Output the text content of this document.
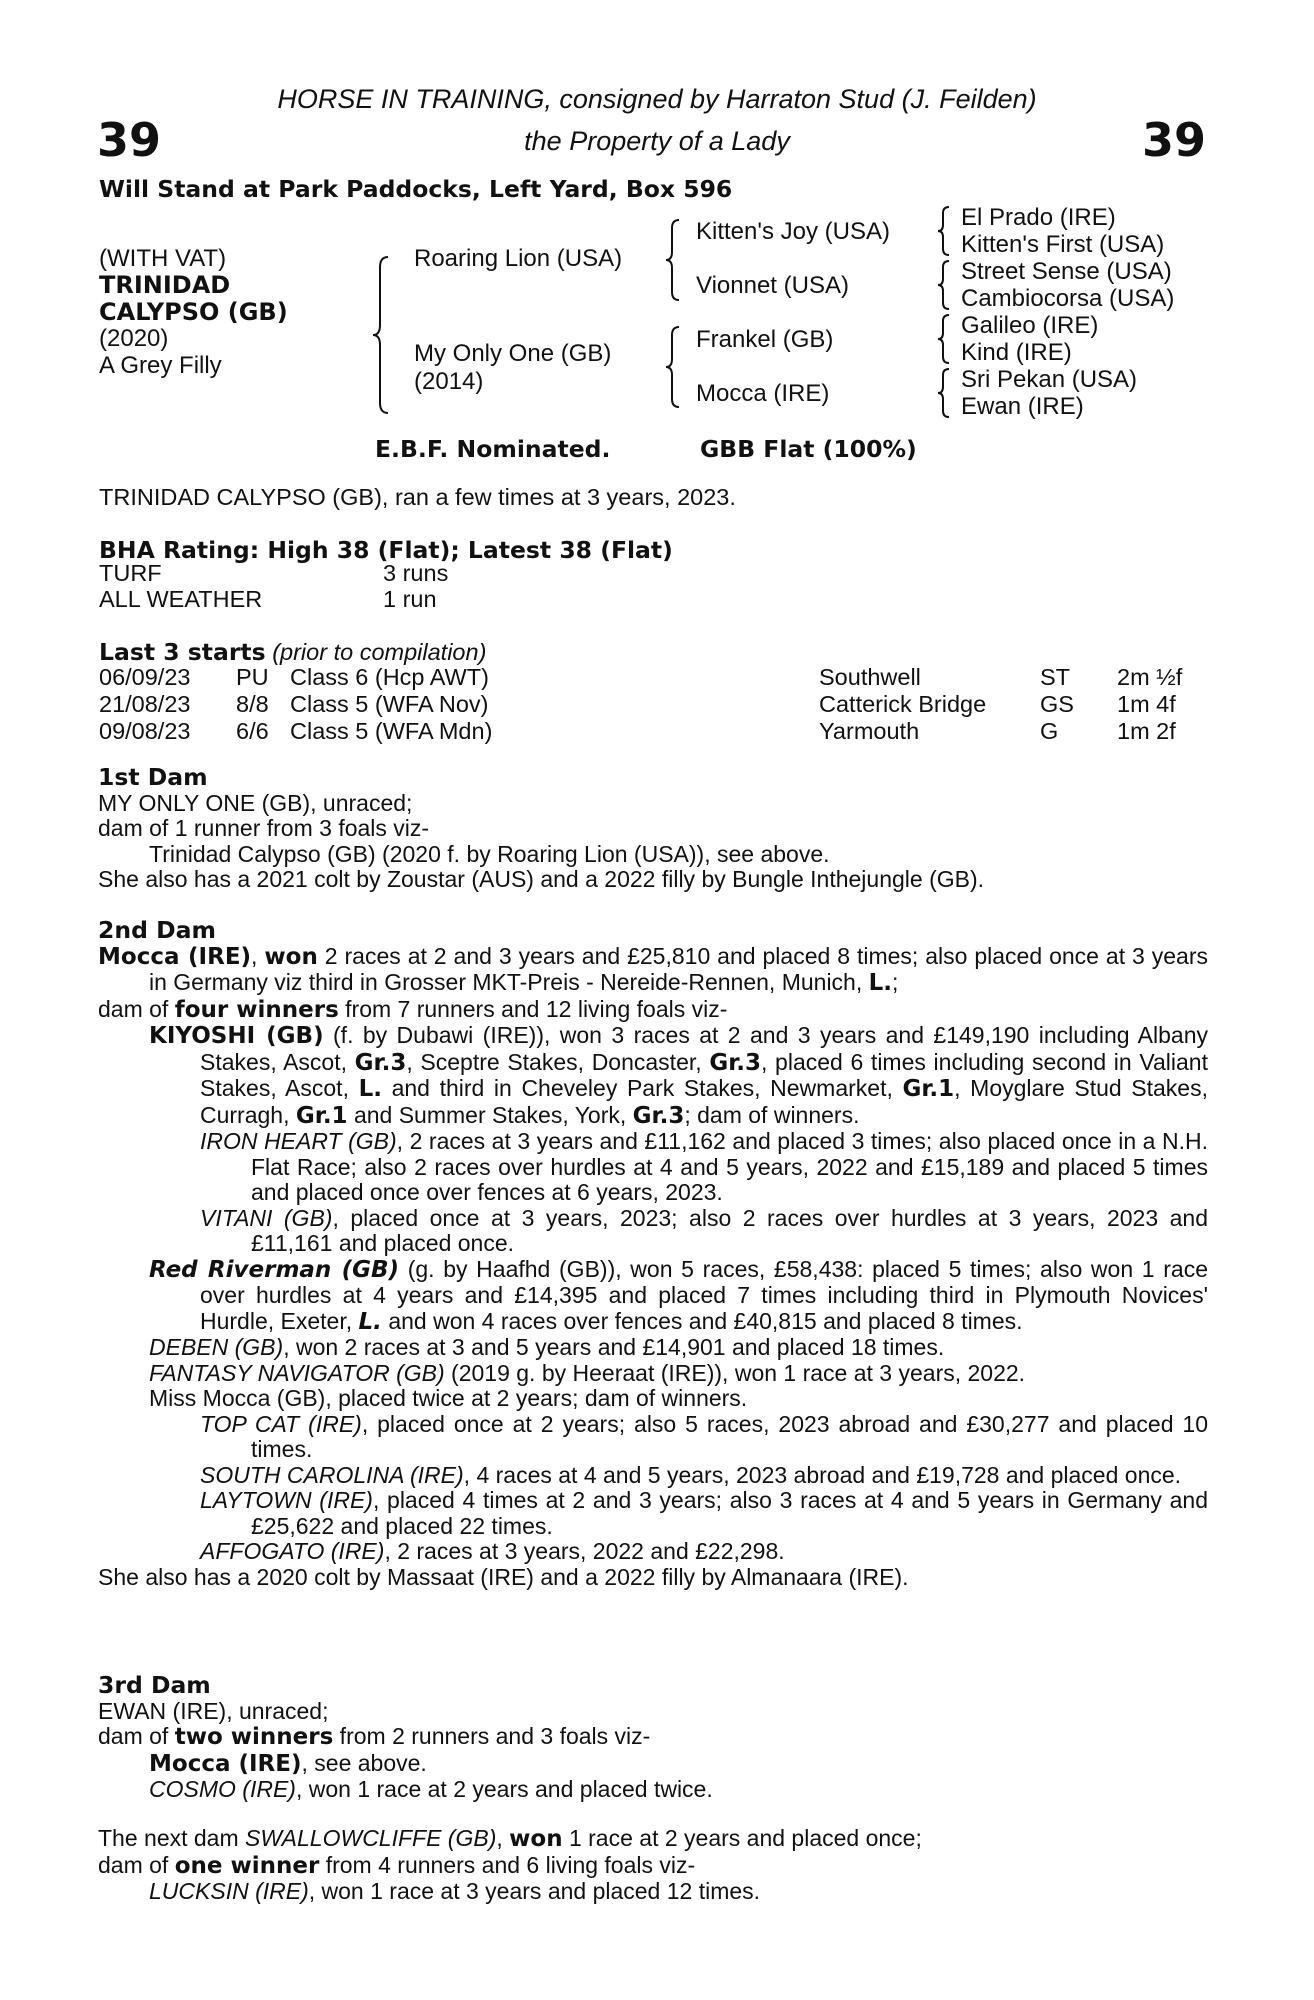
HORSE IN TRAINING, consigned by Harraton Stud (J. Feilden)
the Property of a Lady
39	39
Will Stand at Park Paddocks, Left Yard, Box 596
(WITH VAT)
TRINIDAD
CALYPSO (GB)
(2020)
A Grey Filly
Roaring Lion (USA)
My Only One (GB)
(2014)
Kitten's Joy (USA)
Vionnet (USA)
Frankel (GB)
Mocca (IRE)
El Prado (IRE)
Kitten's First (USA)
Street Sense (USA)
Cambiocorsa (USA)
Galileo (IRE)
Kind (IRE)
Sri Pekan (USA)
Ewan (IRE)
E.B.F. Nominated.	GBB Flat (100%)
TRINIDAD CALYPSO (GB), ran a few times at 3 years, 2023.
BHA Rating: High 38 (Flat); Latest 38 (Flat)
TURF	3 runs
ALL WEATHER	1 run
Last 3 starts (prior to compilation)
06/09/23	PU	Class 6 (Hcp AWT)	Southwell	ST	2m ½f
21/08/23	8/8	Class 5 (WFA Nov)	Catterick Bridge	GS	1m 4f
09/08/23	6/6	Class 5 (WFA Mdn)	Yarmouth	G	1m 2f
1st Dam
MY ONLY ONE (GB), unraced;
dam of 1 runner from 3 foals viz-
Trinidad Calypso (GB) (2020 f. by Roaring Lion (USA)), see above.
She also has a 2021 colt by Zoustar (AUS) and a 2022 filly by Bungle Inthejungle (GB).
2nd Dam
Mocca (IRE), won 2 races at 2 and 3 years and £25,810 and placed 8 times; also placed once at 3 years in Germany viz third in Grosser MKT-Preis - Nereide-Rennen, Munich, L.;
dam of four winners from 7 runners and 12 living foals viz-
KIYOSHI (GB) (f. by Dubawi (IRE)), won 3 races at 2 and 3 years and £149,190 including Albany Stakes, Ascot, Gr.3, Sceptre Stakes, Doncaster, Gr.3, placed 6 times including second in Valiant Stakes, Ascot, L. and third in Cheveley Park Stakes, Newmarket, Gr.1, Moyglare Stud Stakes, Curragh, Gr.1 and Summer Stakes, York, Gr.3; dam of winners.
IRON HEART (GB), 2 races at 3 years and £11,162 and placed 3 times; also placed once in a N.H. Flat Race; also 2 races over hurdles at 4 and 5 years, 2022 and £15,189 and placed 5 times and placed once over fences at 6 years, 2023.
VITANI (GB), placed once at 3 years, 2023; also 2 races over hurdles at 3 years, 2023 and £11,161 and placed once.
Red Riverman (GB) (g. by Haafhd (GB)), won 5 races, £58,438: placed 5 times; also won 1 race over hurdles at 4 years and £14,395 and placed 7 times including third in Plymouth Novices' Hurdle, Exeter, L. and won 4 races over fences and £40,815 and placed 8 times.
DEBEN (GB), won 2 races at 3 and 5 years and £14,901 and placed 18 times.
FANTASY NAVIGATOR (GB) (2019 g. by Heeraat (IRE)), won 1 race at 3 years, 2022.
Miss Mocca (GB), placed twice at 2 years; dam of winners.
TOP CAT (IRE), placed once at 2 years; also 5 races, 2023 abroad and £30,277 and placed 10 times.
SOUTH CAROLINA (IRE), 4 races at 4 and 5 years, 2023 abroad and £19,728 and placed once.
LAYTOWN (IRE), placed 4 times at 2 and 3 years; also 3 races at 4 and 5 years in Germany and £25,622 and placed 22 times.
AFFOGATO (IRE), 2 races at 3 years, 2022 and £22,298.
She also has a 2020 colt by Massaat (IRE) and a 2022 filly by Almanaara (IRE).
3rd Dam
EWAN (IRE), unraced;
dam of two winners from 2 runners and 3 foals viz-
Mocca (IRE), see above.
COSMO (IRE), won 1 race at 2 years and placed twice.
The next dam SWALLOWCLIFFE (GB), won 1 race at 2 years and placed once;
dam of one winner from 4 runners and 6 living foals viz-
LUCKSIN (IRE), won 1 race at 3 years and placed 12 times.
